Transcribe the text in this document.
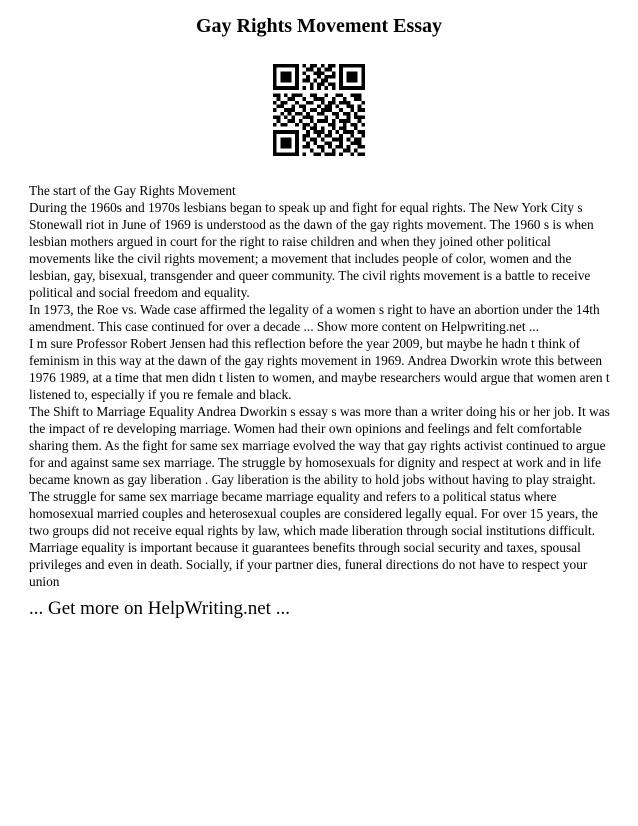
Gay Rights Movement Essay

The start of the Gay Rights Movement

During the 1960s and 1970s lesbians began to speak up and fight for equal rights. The New York City s Stonewall riot in June of 1969 is understood as the dawn of the gay rights movement. The 1960 s is when lesbian mothers argued in court for the right to raise children and when they joined other political movements like the civil rights movement; a movement that includes people of color, women and the lesbian, gay, bisexual, transgender and queer community. The civil rights movement is a battle to receive political and social freedom and equality.

In 1973, the Roe vs. Wade case affirmed the legality of a women s right to have an abortion under the 14th amendment. This case continued for over a decade ... Show more content on Helpwriting.net ...

I m sure Professor Robert Jensen had this reflection before the year 2009, but maybe he hadn t think of feminism in this way at the dawn of the gay rights movement in 1969. Andrea Dworkin wrote this between 1976 1989, at a time that men didn t listen to women, and maybe researchers would argue that women aren t listened to, especially if you re female and black.

The Shift to Marriage Equality Andrea Dworkin s essay s was more than a writer doing his or her job. It was the impact of re developing marriage. Women had their own opinions and feelings and felt comfortable sharing them. As the fight for same sex marriage evolved the way that gay rights activist continued to argue for and against same sex marriage. The struggle by homosexuals for dignity and respect at work and in life became known as gay liberation . Gay liberation is the ability to hold jobs without having to play straight. The struggle for same sex marriage became marriage equality and refers to a political status where homosexual married couples and heterosexual couples are considered legally equal. For over 15 years, the two groups did not receive equal rights by law, which made liberation through social institutions difficult. Marriage equality is important because it guarantees benefits through social security and taxes, spousal privileges and even in death. Socially, if your partner dies, funeral directions do not have to respect your union

... Get more on HelpWriting.net ...
